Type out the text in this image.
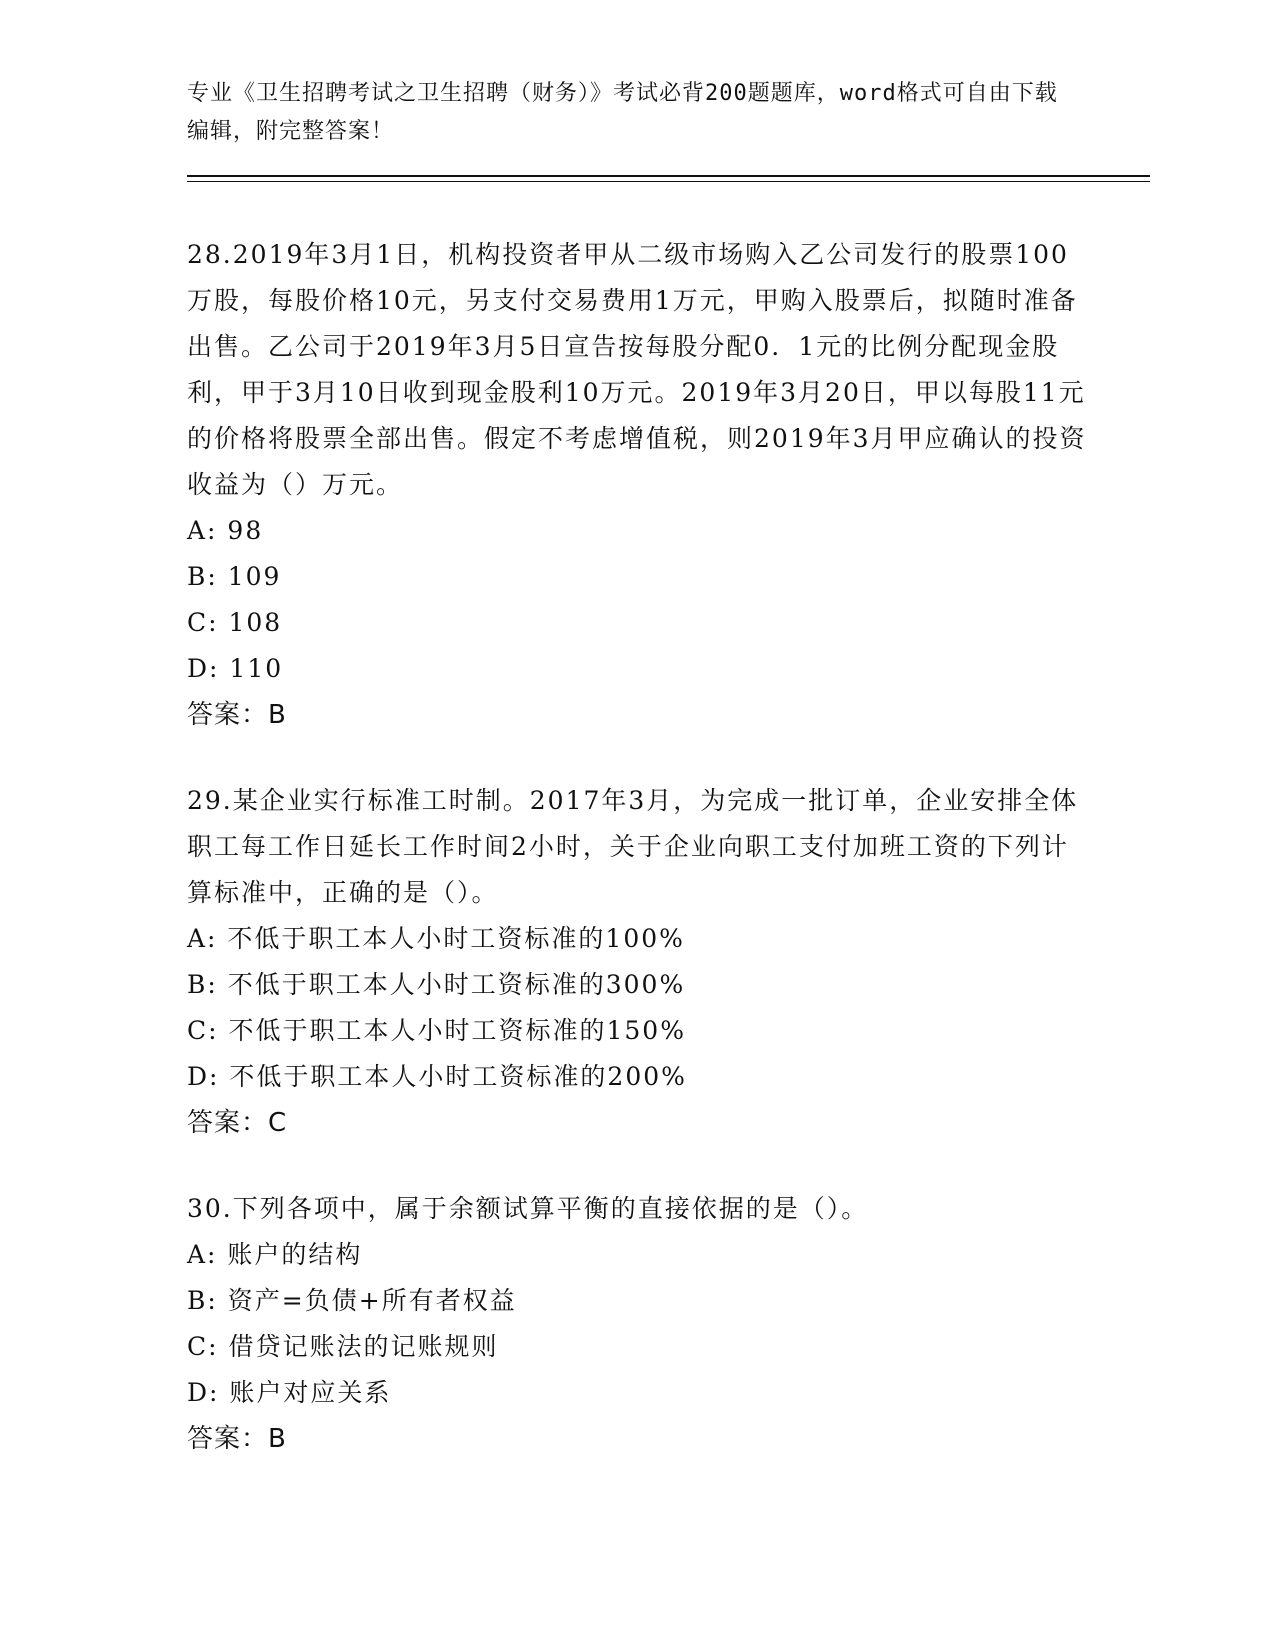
专业《卫生招聘考试之卫生招聘（财务）》考试必背200题题库，word格式可自由下载编辑，附完整答案！

28.2019年3月1日，机构投资者甲从二级市场购入乙公司发行的股票100万股，每股价格10元，另支付交易费用1万元，甲购入股票后，拟随时准备出售。乙公司于2019年3月5日宣告按每股分配0．1元的比例分配现金股利，甲于3月10日收到现金股利10万元。2019年3月20日，甲以每股11元的价格将股票全部出售。假定不考虑增值税，则2019年3月甲应确认的投资收益为（）万元。

A: 98

B: 109

C: 108

D: 110

答案：B

29.某企业实行标准工时制。2017年3月，为完成一批订单，企业安排全体职工每工作日延长工作时间2小时，关于企业向职工支付加班工资的下列计算标准中，正确的是（）。

A: 不低于职工本人小时工资标准的100%

B: 不低于职工本人小时工资标准的300%

C: 不低于职工本人小时工资标准的150%

D: 不低于职工本人小时工资标准的200%

答案：C

30.下列各项中，属于余额试算平衡的直接依据的是（）。

A: 账户的结构

B: 资产=负债+所有者权益

C: 借贷记账法的记账规则

D: 账户对应关系

答案：B
